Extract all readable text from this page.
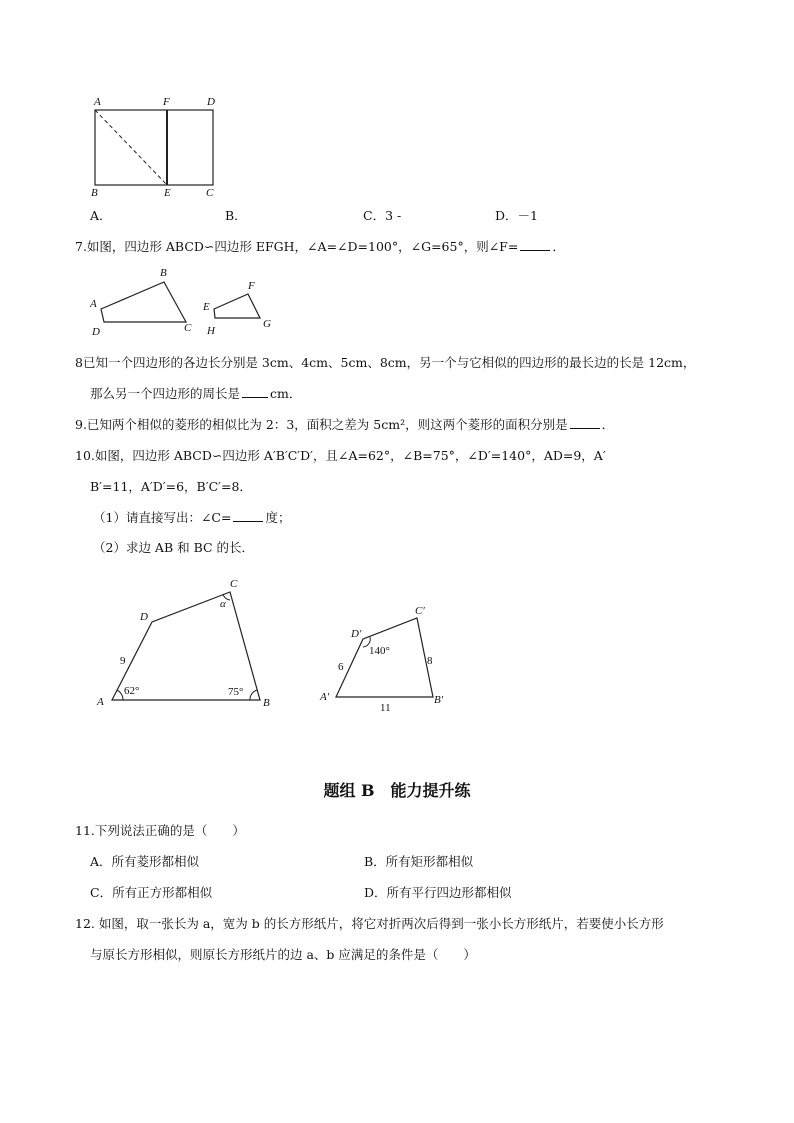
A	F	D
B	E	C
A．	B．	C．3 -	D．－1
7.如图，四边形 ABCD∽四边形 EFGH，∠A=∠D=100°，∠G=65°，则∠F=	．
A
B
C
D
E
F
G
H
8已知一个四边形的各边长分别是 3cm、4cm、5cm、8cm，另一个与它相似的四边形的最长边的长是 12cm，
那么另一个四边形的周长是 cm．
9.已知两个相似的菱形的相似比为 2：3，面积之差为 5cm²，则这两个菱形的面积分别是	．
10.如图，四边形 ABCD∽四边形 A′B′C′D′，且∠A=62°，∠B=75°，∠D′=140°，AD=9，A′
B′=11，A′D′=6，B′C′=8．
（1）请直接写出：∠C=	度；
（2）求边 AB 和 BC 的长．
A	B
C
D
9
62°	75°
α
A′	B′
C′
D′
6	8
11
140°
题组 B　能力提升练
11.下列说法正确的是（　　）
A．所有菱形都相似	B．所有矩形都相似
C．所有正方形都相似	D．所有平行四边形都相似
12. 如图，取一张长为 a，宽为 b 的长方形纸片，将它对折两次后得到一张小长方形纸片，若要使小长方形
与原长方形相似，则原长方形纸片的边 a、b 应满足的条件是（　　）
